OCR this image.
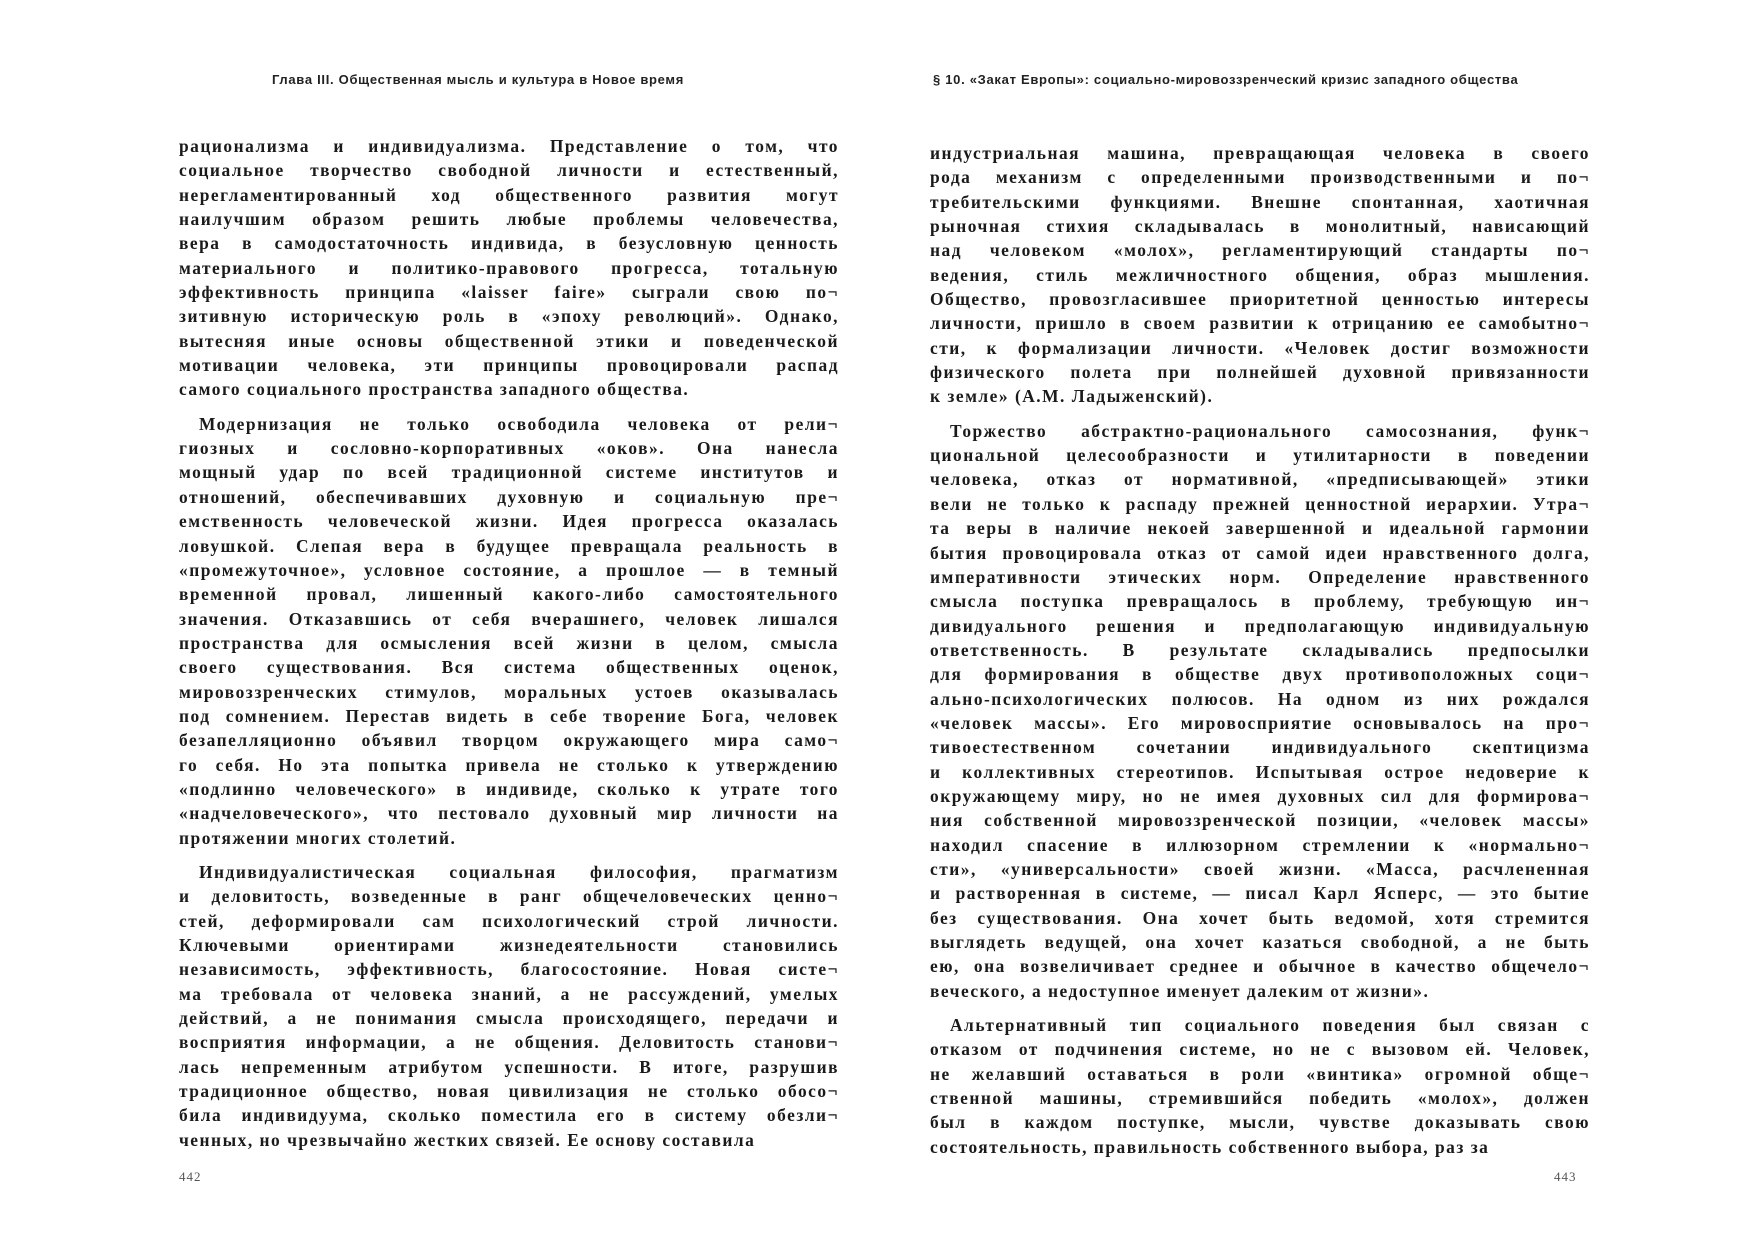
Глава III. Общественная мысль и культура в Новое время
рационализма и индивидуализма. Представление о том, что
социальное творчество свободной личности и естественный,
нерегламентированный ход общественного развития могут
наилучшим образом решить любые проблемы человечества,
вера в самодостаточность индивида, в безусловную ценность
материального и политико-правового прогресса, тотальную
эффективность принципа «laisser faire» сыграли свою по¬
зитивную историческую роль в «эпоху революций». Однако,
вытесняя иные основы общественной этики и поведенческой
мотивации человека, эти принципы провоцировали распад
самого социального пространства западного общества.
Модернизация не только освободила человека от рели¬
гиозных и сословно-корпоративных «оков». Она нанесла
мощный удар по всей традиционной системе институтов и
отношений, обеспечивавших духовную и социальную пре¬
емственность человеческой жизни. Идея прогресса оказалась
ловушкой. Слепая вера в будущее превращала реальность в
«промежуточное», условное состояние, а прошлое — в темный
временной провал, лишенный какого-либо самостоятельного
значения. Отказавшись от себя вчерашнего, человек лишался
пространства для осмысления всей жизни в целом, смысла
своего существования. Вся система общественных оценок,
мировоззренческих стимулов, моральных устоев оказывалась
под сомнением. Перестав видеть в себе творение Бога, человек
безапелляционно объявил творцом окружающего мира само¬
го себя. Но эта попытка привела не столько к утверждению
«подлинно человеческого» в индивиде, сколько к утрате того
«надчеловеческого», что пестовало духовный мир личности на
протяжении многих столетий.
Индивидуалистическая социальная философия, прагматизм
и деловитость, возведенные в ранг общечеловеческих ценно¬
стей, деформировали сам психологический строй личности.
Ключевыми ориентирами жизнедеятельности становились
независимость, эффективность, благосостояние. Новая систе¬
ма требовала от человека знаний, а не рассуждений, умелых
действий, а не понимания смысла происходящего, передачи и
восприятия информации, а не общения. Деловитость станови¬
лась непременным атрибутом успешности. В итоге, разрушив
традиционное общество, новая цивилизация не столько обосо¬
била индивидуума, сколько поместила его в систему обезли¬
ченных, но чрезвычайно жестких связей. Ее основу составила
442
§ 10. «Закат Европы»: социально-мировоззренческий кризис западного общества
индустриальная машина, превращающая человека в своего
рода механизм с определенными производственными и по¬
требительскими функциями. Внешне спонтанная, хаотичная
рыночная стихия складывалась в монолитный, нависающий
над человеком «молох», регламентирующий стандарты по¬
ведения, стиль межличностного общения, образ мышления.
Общество, провозгласившее приоритетной ценностью интересы
личности, пришло в своем развитии к отрицанию ее самобытно¬
сти, к формализации личности. «Человек достиг возможности
физического полета при полнейшей духовной привязанности
к земле» (А.М. Ладыженский).
Торжество абстрактно-рационального самосознания, функ¬
циональной целесообразности и утилитарности в поведении
человека, отказ от нормативной, «предписывающей» этики
вели не только к распаду прежней ценностной иерархии. Утра¬
та веры в наличие некоей завершенной и идеальной гармонии
бытия провоцировала отказ от самой идеи нравственного долга,
императивности этических норм. Определение нравственного
смысла поступка превращалось в проблему, требующую ин¬
дивидуального решения и предполагающую индивидуальную
ответственность. В результате складывались предпосылки
для формирования в обществе двух противоположных соци¬
ально-психологических полюсов. На одном из них рождался
«человек массы». Его мировосприятие основывалось на про¬
тивоестественном сочетании индивидуального скептицизма
и коллективных стереотипов. Испытывая острое недоверие к
окружающему миру, но не имея духовных сил для формирова¬
ния собственной мировоззренческой позиции, «человек массы»
находил спасение в иллюзорном стремлении к «нормально¬
сти», «универсальности» своей жизни. «Масса, расчлененная
и растворенная в системе, — писал Карл Ясперс, — это бытие
без существования. Она хочет быть ведомой, хотя стремится
выглядеть ведущей, она хочет казаться свободной, а не быть
ею, она возвеличивает среднее и обычное в качество общечело¬
веческого, а недоступное именует далеким от жизни».
Альтернативный тип социального поведения был связан с
отказом от подчинения системе, но не с вызовом ей. Человек,
не желавший оставаться в роли «винтика» огромной обще¬
ственной машины, стремившийся победить «молох», должен
был в каждом поступке, мысли, чувстве доказывать свою
состоятельность, правильность собственного выбора, раз за
443
